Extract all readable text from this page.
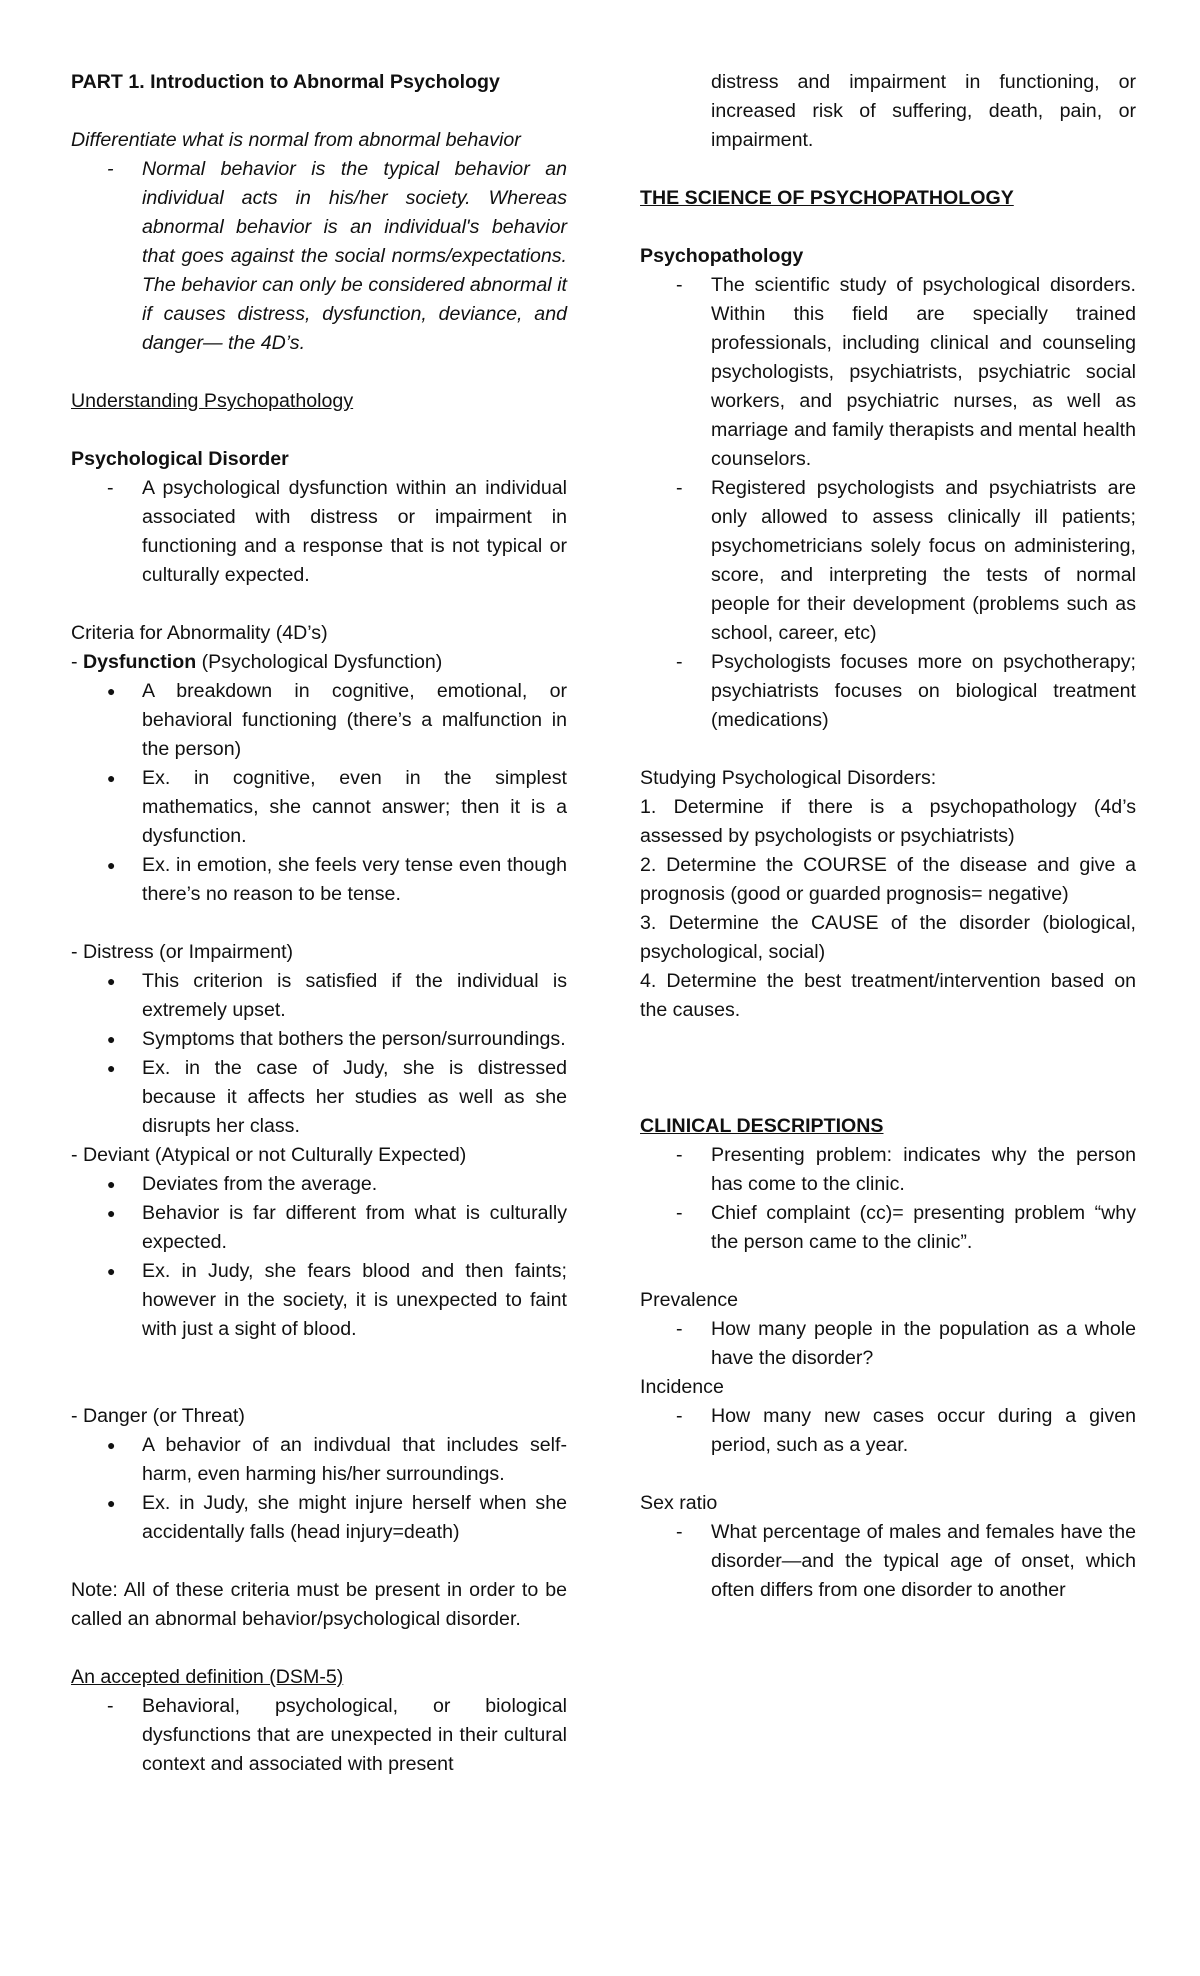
PART 1. Introduction to Abnormal Psychology

Differentiate what is normal from abnormal behavior

- Normal behavior is the typical behavior an individual acts in his/her society. Whereas abnormal behavior is an individual's behavior that goes against the social norms/expectations. The behavior can only be considered abnormal it if causes distress, dysfunction, deviance, and danger— the 4D’s.

Understanding Psychopathology

Psychological Disorder

- A psychological dysfunction within an individual associated with distress or impairment in functioning and a response that is not typical or culturally expected.

Criteria for Abnormality (4D’s)

- Dysfunction (Psychological Dysfunction)

● A breakdown in cognitive, emotional, or behavioral functioning (there’s a malfunction in the person)
● Ex. in cognitive, even in the simplest mathematics, she cannot answer; then it is a dysfunction.
● Ex. in emotion, she feels very tense even though there’s no reason to be tense.

- Distress (or Impairment)

● This criterion is satisfied if the individual is extremely upset.
● Symptoms that bothers the person/surroundings.
● Ex. in the case of Judy, she is distressed because it affects her studies as well as she disrupts her class.

- Deviant (Atypical or not Culturally Expected)

● Deviates from the average.
● Behavior is far different from what is culturally expected.
● Ex. in Judy, she fears blood and then faints; however in the society, it is unexpected to faint with just a sight of blood.

- Danger (or Threat)

● A behavior of an indivdual that includes self-harm, even harming his/her surroundings.
● Ex. in Judy, she might injure herself when she accidentally falls (head injury=death)

Note: All of these criteria must be present in order to be called an abnormal behavior/psychological disorder.

An accepted definition (DSM-5)

- Behavioral, psychological, or biological dysfunctions that are unexpected in their cultural context and associated with present
distress and impairment in functioning, or increased risk of suffering, death, pain, or impairment.

THE SCIENCE OF PSYCHOPATHOLOGY

Psychopathology

- The scientific study of psychological disorders. Within this field are specially trained professionals, including clinical and counseling psychologists, psychiatrists, psychiatric social workers, and psychiatric nurses, as well as marriage and family therapists and mental health counselors.
- Registered psychologists and psychiatrists are only allowed to assess clinically ill patients; psychometricians solely focus on administering, score, and interpreting the tests of normal people for their development (problems such as school, career, etc)
- Psychologists focuses more on psychotherapy; psychiatrists focuses on biological treatment (medications)

Studying Psychological Disorders:

1. Determine if there is a psychopathology (4d’s assessed by psychologists or psychiatrists)

2. Determine the COURSE of the disease and give a prognosis (good or guarded prognosis= negative)

3. Determine the CAUSE of the disorder (biological, psychological, social)

4. Determine the best treatment/intervention based on the causes.

CLINICAL DESCRIPTIONS

- Presenting problem: indicates why the person has come to the clinic.
- Chief complaint (cc)= presenting problem “why the person came to the clinic”.

Prevalence

- How many people in the population as a whole have the disorder?

Incidence

- How many new cases occur during a given period, such as a year.

Sex ratio

- What percentage of males and females have the disorder—and the typical age of onset, which often differs from one disorder to another
